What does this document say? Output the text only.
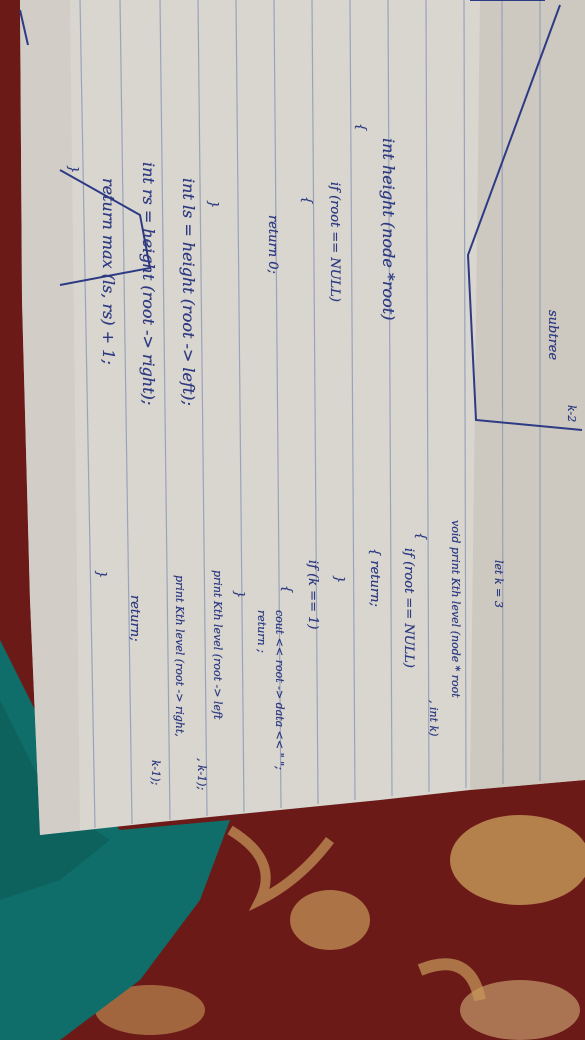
{
int height (node *root)
if (root == NULL)
{
return 0;
}
int ls = height (root -> left);
int rs = height (root -> right);
return max (ls, rs) + 1;
}
subtree
k-2
let k = 3
void print Kth level (node * root
, int k)
{
if (root == NULL)
{ return;
}
if (k == 1)
{
cout << root -> data << " ";
return ;
}
print Kth level (root -> left
, k-1);
print Kth level (root -> right,
k-1);
return;
}
